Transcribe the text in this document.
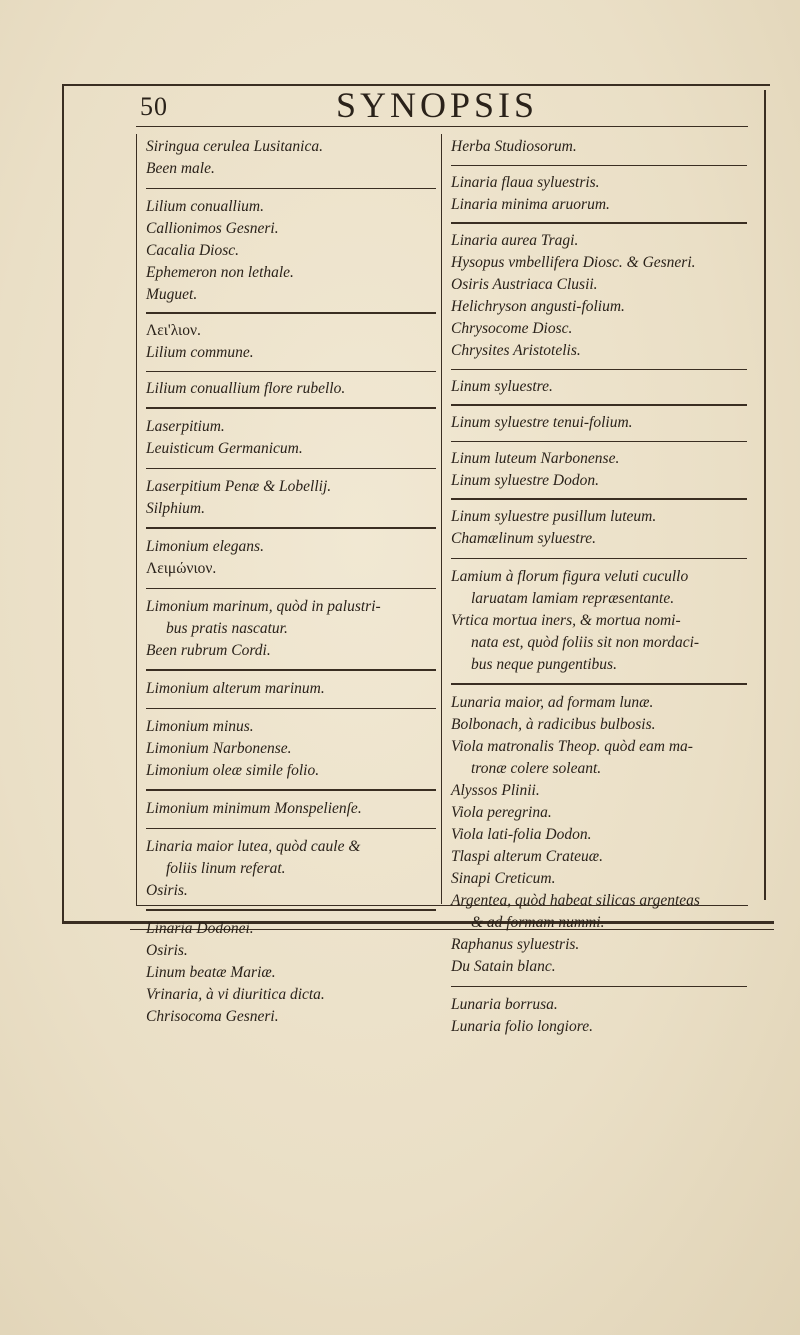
50	SYNOPSIS
Siringua cerulea Lusitanica.
Been male.
Lilium conuallium.
Callionimos Gesneri.
Cacalia Diosc.
Ephemeron non lethale.
Muguet.
Λει'λιον.
Lilium commune.
Lilium conuallium flore rubello.
Laserpitium.
Leuisticum Germanicum.
Laserpitium Penæ & Lobellij.
Silphium.
Limonium elegans.
Λειμώνιον.
Limonium marinum, quòd in palustri-
bus pratis nascatur.
Been rubrum Cordi.
Limonium alterum marinum.
Limonium minus.
Limonium Narbonense.
Limonium oleæ simile folio.
Limonium minimum Monspelienſe.
Linaria maior lutea, quòd caule &
foliis linum referat.
Osiris.
Linaria Dodonei.
Osiris.
Linum beatæ Mariæ.
Vrinaria, à vi diuritica dicta.
Chrisocoma Gesneri.
Herba Studiosorum.
Linaria flaua syluestris.
Linaria minima aruorum.
Linaria aurea Tragi.
Hysopus vmbellifera Diosc. & Gesneri.
Osiris Austriaca Clusii.
Helichryson angusti-folium.
Chrysocome Diosc.
Chrysites Aristotelis.
Linum syluestre.
Linum syluestre tenui-folium.
Linum luteum Narbonense.
Linum syluestre Dodon.
Linum syluestre pusillum luteum.
Chamælinum syluestre.
Lamium à florum figura veluti cucullo
laruatam lamiam repræsentante.
Vrtica mortua iners, & mortua nomi-
nata est, quòd foliis sit non mordaci-
bus neque pungentibus.
Lunaria maior, ad formam lunæ.
Bolbonach, à radicibus bulbosis.
Viola matronalis Theop. quòd eam ma-
tronæ colere soleant.
Alyssos Plinii.
Viola peregrina.
Viola lati-folia Dodon.
Tlaspi alterum Crateuæ.
Sinapi Creticum.
Argentea, quòd habeat silicas argenteas
& ad formam nummi.
Raphanus syluestris.
Du Satain blanc.
Lunaria borrusa.
Lunaria folio longiore.
